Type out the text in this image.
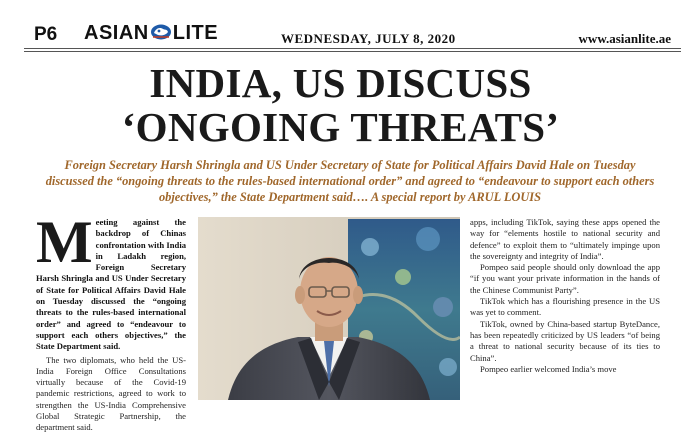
P6 ASIAN LITE	WEDNESDAY, JULY 8, 2020	www.asianlite.ae
INDIA, US DISCUSS
‘ONGOING THREATS’

Foreign Secretary Harsh Shringla and US Under Secretary of State for Political Affairs David Hale on Tuesday discussed the “ongoing threats to the rules-based international order” and agreed to “endeavour to support each others objectives,” the State Department said…. A special report by ARUL LOUIS

Meeting against the backdrop of Chinas confrontation with India in Ladakh region, Foreign Secretary Harsh Shringla and US Under Secretary of State for Political Affairs David Hale on Tuesday discussed the “ongoing threats to the rules-based international order” and agreed to “endeavour to support each others objectives,” the State Department said.

The two diplomats, who held the US-India Foreign Office Consultations virtually because of the Covid-19 pandemic restrictions, agreed to work to strengthen the US-India Comprehensive Global Strategic Partnership, the department said.

apps, including TikTok, saying these apps opened the way for “elements hostile to national security and defence” to exploit them to “ultimately impinge upon the sovereignty and integrity of India”.

Pompeo said people should only download the app “if you want your private information in the hands of the Chinese Communist Party”.

TikTok which has a flourishing presence in the US was yet to comment.

TikTok, owned by China-based startup ByteDance, has been repeatedly criticized by US leaders “of being a threat to national security because of its ties to China”.

Pompeo earlier welcomed India’s move
